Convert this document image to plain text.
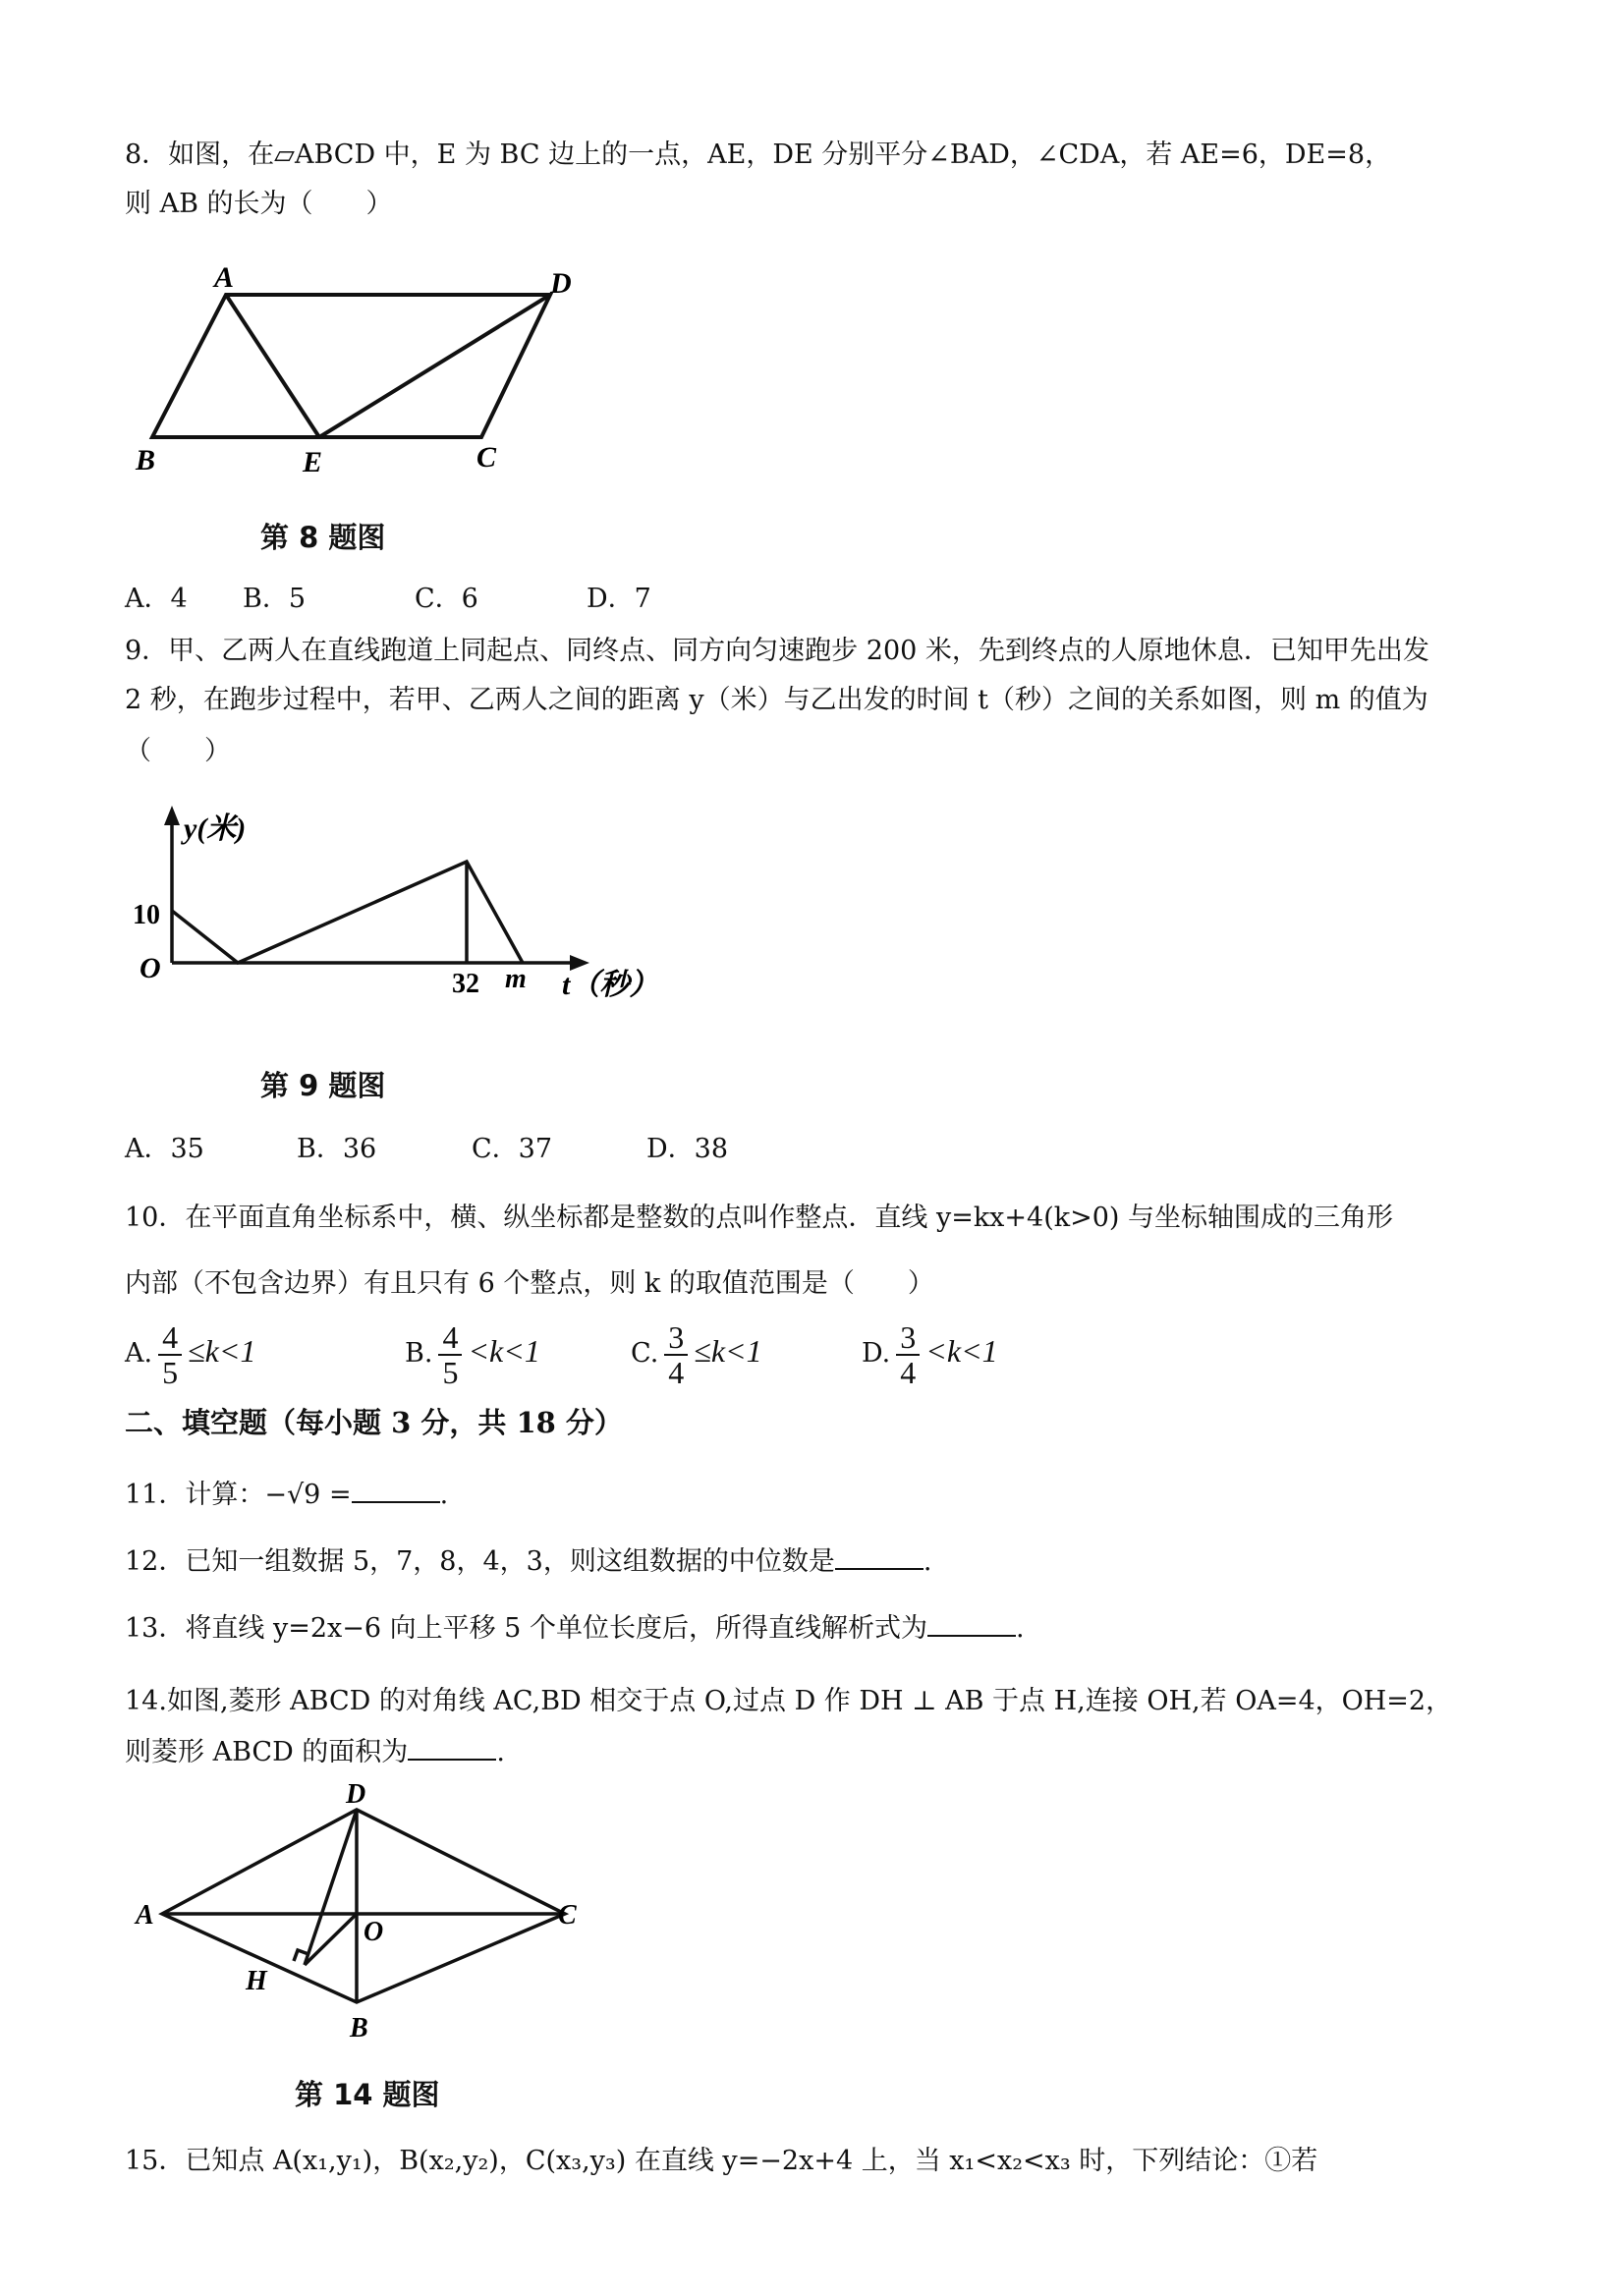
8．如图，在▱ABCD 中，E 为 BC 边上的一点，AE，DE 分别平分∠BAD，∠CDA，若 AE=6，DE=8，
则 AB 的长为（　　）
A	D
B	E	C
第 8 题图
A．4 B．5	C．6	D．7
9．甲、乙两人在直线跑道上同起点、同终点、同方向匀速跑步 200 米，先到终点的人原地休息．已知甲先出发
2 秒，在跑步过程中，若甲、乙两人之间的距离 y（米）与乙出发的时间 t（秒）之间的关系如图，则 m 的值为
（　　）
y(米)
10
O	32 m t（秒）
第 9 题图
A．35	B．36	C．37	D．38
10．在平面直角坐标系中，横、纵坐标都是整数的点叫作整点．直线 y=kx+4(k>0) 与坐标轴围成的三角形
内部（不包含边界）有且只有 6 个整点，则 k 的取值范围是（　　）
A. $\frac{4}{5} \le k<1$	B. $\frac{4}{5} <k<1$	C. $\frac{3}{4} \le k<1$	D. $\frac{3}{4} <k<1$
二、填空题（每小题 3 分，共 18 分）
11．计算：−√9 =	.
12．已知一组数据 5，7，8，4，3，则这组数据的中位数是	.
13．将直线 y=2x−6 向上平移 5 个单位长度后，所得直线解析式为	.
14.如图,菱形 ABCD 的对角线 AC,BD 相交于点 O,过点 D 作 DH ⊥ AB 于点 H,连接 OH,若 OA=4，OH=2，
则菱形 ABCD 的面积为	.
D
A	C
O
H
B
第 14 题图
15．已知点 A(x₁,y₁)，B(x₂,y₂)，C(x₃,y₃) 在直线 y=−2x+4 上，当 x₁<x₂<x₃ 时，下列结论：①若
